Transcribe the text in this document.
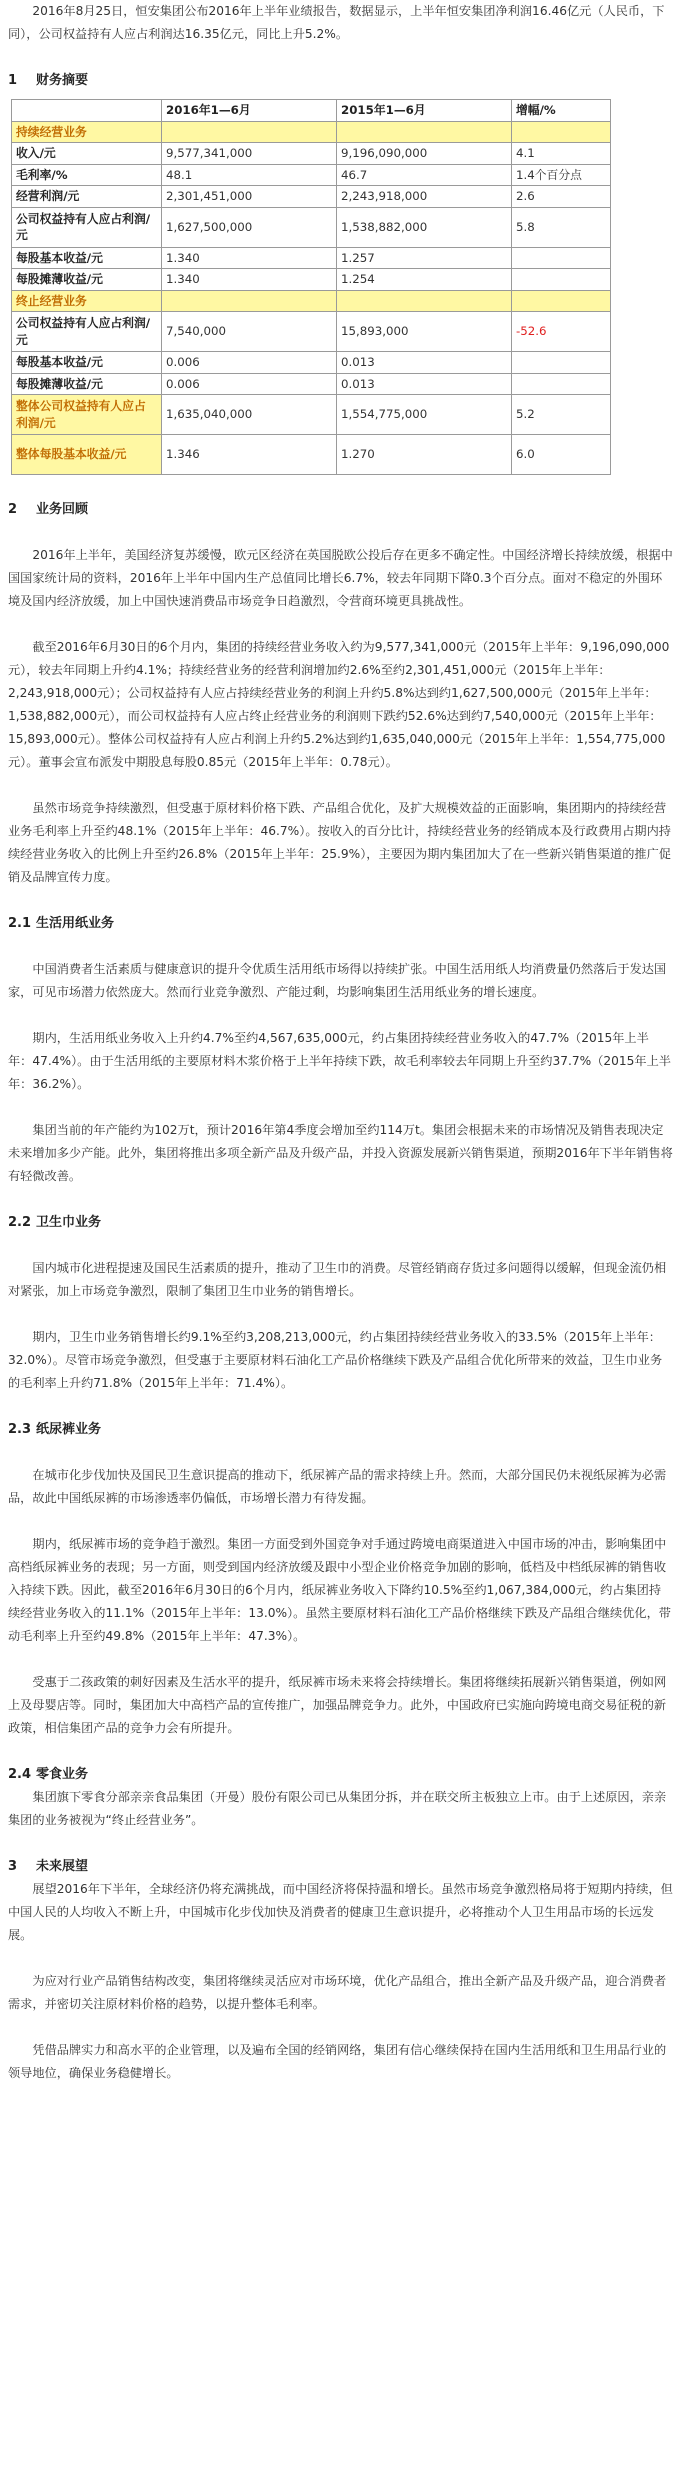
2016年8月25日，恒安集团公布2016年上半年业绩报告，数据显示，上半年恒安集团净利润16.46亿元（人民币，下同），公司权益持有人应占利润达16.35亿元，同比上升5.2%。

1 财务摘要

	2016年1—6月	2015年1—6月	增幅/%
持续经营业务			
收入/元	9,577,341,000	9,196,090,000	4.1
毛利率/%	48.1	46.7	1.4个百分点
经营利润/元	2,301,451,000	2,243,918,000	2.6
公司权益持有人应占利润/元	1,627,500,000	1,538,882,000	5.8
每股基本收益/元	1.340	1.257	
每股摊薄收益/元	1.340	1.254	
终止经营业务			
公司权益持有人应占利润/元	7,540,000	15,893,000	-52.6
每股基本收益/元	0.006	0.013	
每股摊薄收益/元	0.006	0.013	
整体公司权益持有人应占利润/元	1,635,040,000	1,554,775,000	5.2
整体每股基本收益/元	1.346	1.270	6.0

2 业务回顾

2016年上半年，美国经济复苏缓慢，欧元区经济在英国脱欧公投后存在更多不确定性。中国经济增长持续放缓，根据中国国家统计局的资料，2016年上半年中国内生产总值同比增长6.7%，较去年同期下降0.3个百分点。面对不稳定的外围环境及国内经济放缓，加上中国快速消费品市场竞争日趋激烈，令营商环境更具挑战性。

截至2016年6月30日的6个月内，集团的持续经营业务收入约为9,577,341,000元（2015年上半年：9,196,090,000元），较去年同期上升约4.1%；持续经营业务的经营利润增加约2.6%至约2,301,451,000元（2015年上半年：2,243,918,000元）；公司权益持有人应占持续经营业务的利润上升约5.8%达到约1,627,500,000元（2015年上半年：1,538,882,000元），而公司权益持有人应占终止经营业务的利润则下跌约52.6%达到约7,540,000元（2015年上半年：15,893,000元）。整体公司权益持有人应占利润上升约5.2%达到约1,635,040,000元（2015年上半年：1,554,775,000元）。董事会宣布派发中期股息每股0.85元（2015年上半年：0.78元）。

虽然市场竞争持续激烈，但受惠于原材料价格下跌、产品组合优化，及扩大规模效益的正面影响，集团期内的持续经营业务毛利率上升至约48.1%（2015年上半年：46.7%）。按收入的百分比计，持续经营业务的经销成本及行政费用占期内持续经营业务收入的比例上升至约26.8%（2015年上半年：25.9%），主要因为期内集团加大了在一些新兴销售渠道的推广促销及品牌宣传力度。

2.1 生活用纸业务

中国消费者生活素质与健康意识的提升令优质生活用纸市场得以持续扩张。中国生活用纸人均消费量仍然落后于发达国家，可见市场潜力依然庞大。然而行业竞争激烈、产能过剩，均影响集团生活用纸业务的增长速度。

期内，生活用纸业务收入上升约4.7%至约4,567,635,000元，约占集团持续经营业务收入的47.7%（2015年上半年：47.4%）。由于生活用纸的主要原材料木浆价格于上半年持续下跌，故毛利率较去年同期上升至约37.7%（2015年上半年：36.2%）。

集团当前的年产能约为102万t，预计2016年第4季度会增加至约114万t。集团会根据未来的市场情况及销售表现决定未来增加多少产能。此外，集团将推出多项全新产品及升级产品，并投入资源发展新兴销售渠道，预期2016年下半年销售将有轻微改善。

2.2 卫生巾业务

国内城市化进程提速及国民生活素质的提升，推动了卫生巾的消费。尽管经销商存货过多问题得以缓解，但现金流仍相对紧张，加上市场竞争激烈，限制了集团卫生巾业务的销售增长。

期内，卫生巾业务销售增长约9.1%至约3,208,213,000元，约占集团持续经营业务收入的33.5%（2015年上半年：32.0%）。尽管市场竞争激烈，但受惠于主要原材料石油化工产品价格继续下跌及产品组合优化所带来的效益，卫生巾业务的毛利率上升约71.8%（2015年上半年：71.4%）。

2.3 纸尿裤业务

在城市化步伐加快及国民卫生意识提高的推动下，纸尿裤产品的需求持续上升。然而，大部分国民仍未视纸尿裤为必需品，故此中国纸尿裤的市场渗透率仍偏低，市场增长潜力有待发掘。

期内，纸尿裤市场的竞争趋于激烈。集团一方面受到外国竞争对手通过跨境电商渠道进入中国市场的冲击，影响集团中高档纸尿裤业务的表现；另一方面，则受到国内经济放缓及跟中小型企业价格竞争加剧的影响，低档及中档纸尿裤的销售收入持续下跌。因此，截至2016年6月30日的6个月内，纸尿裤业务收入下降约10.5%至约1,067,384,000元，约占集团持续经营业务收入的11.1%（2015年上半年：13.0%）。虽然主要原材料石油化工产品价格继续下跌及产品组合继续优化，带动毛利率上升至约49.8%（2015年上半年：47.3%）。

受惠于二孩政策的刺好因素及生活水平的提升，纸尿裤市场未来将会持续增长。集团将继续拓展新兴销售渠道，例如网上及母婴店等。同时，集团加大中高档产品的宣传推广，加强品牌竞争力。此外，中国政府已实施向跨境电商交易征税的新政策，相信集团产品的竞争力会有所提升。

2.4 零食业务

集团旗下零食分部亲亲食品集团（开曼）股份有限公司已从集团分拆，并在联交所主板独立上市。由于上述原因，亲亲集团的业务被视为“终止经营业务”。

3 未来展望

展望2016年下半年，全球经济仍将充满挑战，而中国经济将保持温和增长。虽然市场竞争激烈格局将于短期内持续，但中国人民的人均收入不断上升，中国城市化步伐加快及消费者的健康卫生意识提升，必将推动个人卫生用品市场的长远发展。

为应对行业产品销售结构改变，集团将继续灵活应对市场环境，优化产品组合，推出全新产品及升级产品，迎合消费者需求，并密切关注原材料价格的趋势，以提升整体毛利率。

凭借品牌实力和高水平的企业管理，以及遍布全国的经销网络，集团有信心继续保持在国内生活用纸和卫生用品行业的领导地位，确保业务稳健增长。
